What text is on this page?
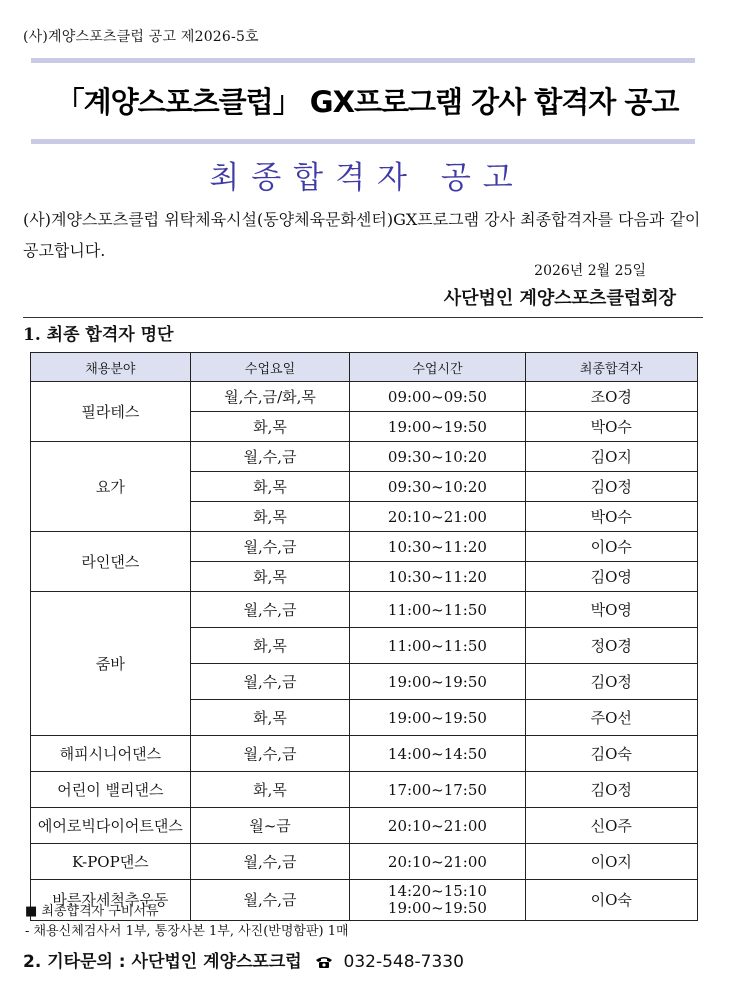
(사)계양스포츠클럽 공고 제2026-5호
「계양스포츠클럽」 GX프로그램 강사 합격자 공고
최종합격자 공고
(사)계양스포츠클럽 위탁체육시설(동양체육문화센터)GX프로그램 강사 최종합격자를 다음과 같이 공고합니다.
2026년 2월 25일
사단법인 계양스포츠클럽회장
1. 최종 합격자 명단
채용분야	수업요일	수업시간	최종합격자
필라테스	월,수,금/화,목	09:00~09:50	조O경
	화,목	19:00~19:50	박O수
요가	월,수,금	09:30~10:20	김O지
	화,목	09:30~10:20	김O정
	화,목	20:10~21:00	박O수
라인댄스	월,수,금	10:30~11:20	이O수
	화,목	10:30~11:20	김O영
줌바	월,수,금	11:00~11:50	박O영
	화,목	11:00~11:50	정O경
	월,수,금	19:00~19:50	김O정
	화,목	19:00~19:50	주O선
해피시니어댄스	월,수,금	14:00~14:50	김O숙
어린이 밸리댄스	화,목	17:00~17:50	김O정
에어로빅다이어트댄스	월~금	20:10~21:00	신O주
K-POP댄스	월,수,금	20:10~21:00	이O지
바른자세척추운동	월,수,금	14:20~15:10
19:00~19:50	이O숙
■ 최종합격자 구비서류
- 채용신체검사서 1부, 통장사본 1부, 사진(반명함판) 1매
2. 기타문의 : 사단법인 계양스포크럽 032-548-7330
